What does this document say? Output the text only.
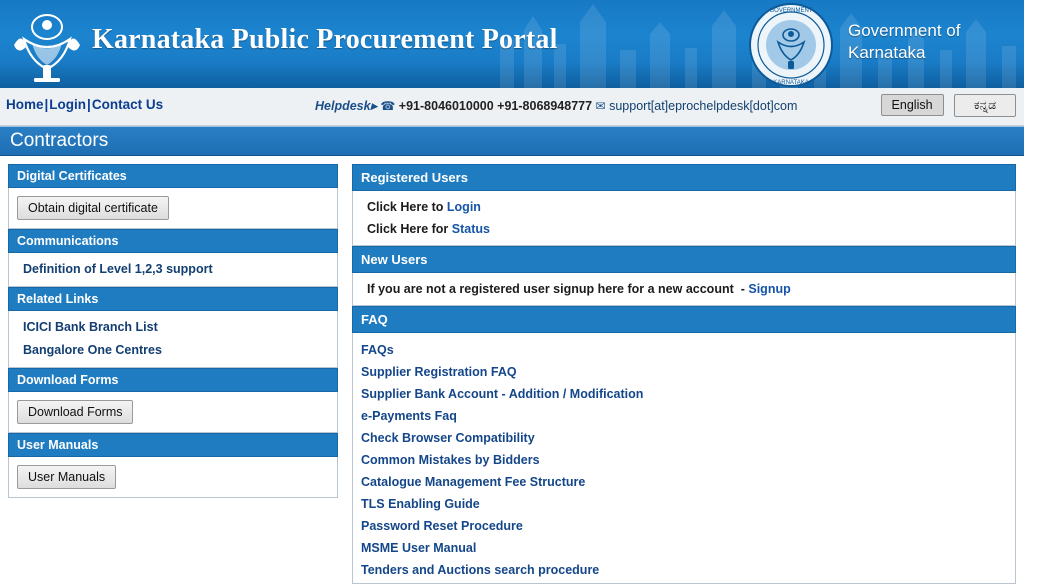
Karnataka Public Procurement Portal
GOVERNMENT
KARNATAKA
Government of
Karnataka
Home|Login|Contact Us	Helpdesk▸ ☎ +91-8046010000 +91-8068948777 ✉ support[at]eprochelpdesk[dot]com	English	ಕನ್ನಡ
Contractors
Digital Certificates
Obtain digital certificate
Communications
Definition of Level 1,2,3 support
Related Links
ICICI Bank Branch List
Bangalore One Centres
Download Forms
Download Forms
User Manuals
User Manuals
Registered Users
Click Here to Login
Click Here for Status
New Users
If you are not a registered user signup here for a new account - Signup
FAQ
FAQs
Supplier Registration FAQ
Supplier Bank Account - Addition / Modification
e-Payments Faq
Check Browser Compatibility
Common Mistakes by Bidders
Catalogue Management Fee Structure
TLS Enabling Guide
Password Reset Procedure
MSME User Manual
Tenders and Auctions search procedure
